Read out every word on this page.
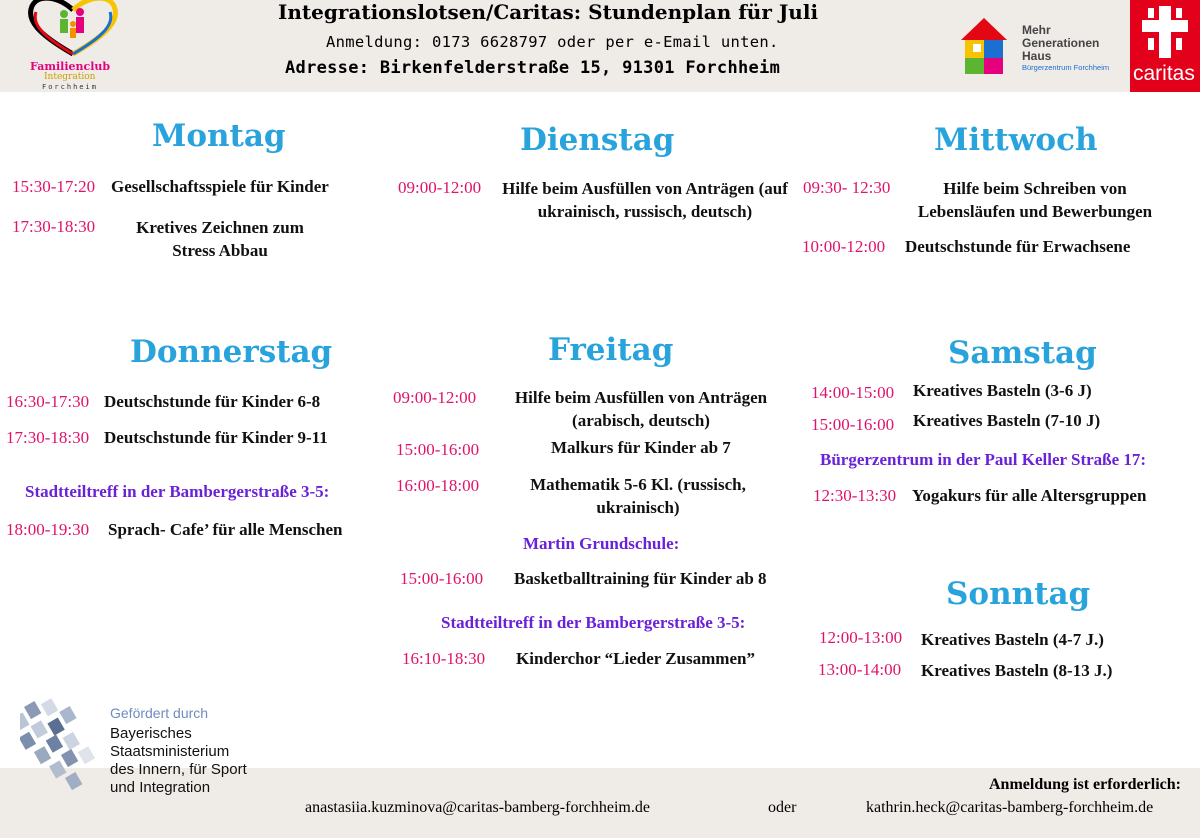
Familienclub
Integration
Forchheim
Integrationslotsen/Caritas: Stundenplan für Juli
Anmeldung: 0173 6628797 oder per e-Email unten.
Adresse: Birkenfelderstraße 15, 91301 Forchheim
Mehr
Generationen
Haus
Bürgerzentrum Forchheim caritas
Montag
15:30-17:20 Gesellschaftsspiele für Kinder
17:30-18:30	Kretives Zeichnen zum Stress Abbau
Dienstag
09:00-12:00 Hilfe beim Ausfüllen von Anträgen (auf ukrainisch, russisch, deutsch)
Mittwoch
09:30- 12:30	Hilfe beim Schreiben von Lebensläufen und Bewerbungen
10:00-12:00 Deutschstunde für Erwachsene
Donnerstag
16:30-17:30 Deutschstunde für Kinder 6-8
17:30-18:30 Deutschstunde für Kinder 9-11
Stadtteiltreff in der Bambergerstraße 3-5:
18:00-19:30 Sprach- Cafe’ für alle Menschen
Freitag
09:00-12:00	Hilfe beim Ausfüllen von Anträgen (arabisch, deutsch)
15:00-16:00	Malkurs für Kinder ab 7
16:00-18:00	Mathematik 5-6 Kl. (russisch, ukrainisch)
Martin Grundschule:
15:00-16:00 Basketballtraining für Kinder ab 8
Stadtteiltreff in der Bambergerstraße 3-5:
16:10-18:30 Kinderchor “Lieder Zusammen”
Samstag
14:00-15:00 Kreatives Basteln (3-6 J)
15:00-16:00 Kreatives Basteln (7-10 J)
Bürgerzentrum in der Paul Keller Straße 17:
12:30-13:30 Yogakurs für alle Altersgruppen
Sonntag
12:00-13:00 Kreatives Basteln (4-7 J.)
13:00-14:00 Kreatives Basteln (8-13 J.)
Gefördert durch
Bayerisches
Staatsministerium
des Innern, für Sport
und Integration	Anmeldung ist erforderlich:
anastasiia.kuzminova@caritas-bamberg-forchheim.de	oder	kathrin.heck@caritas-bamberg-forchheim.de
